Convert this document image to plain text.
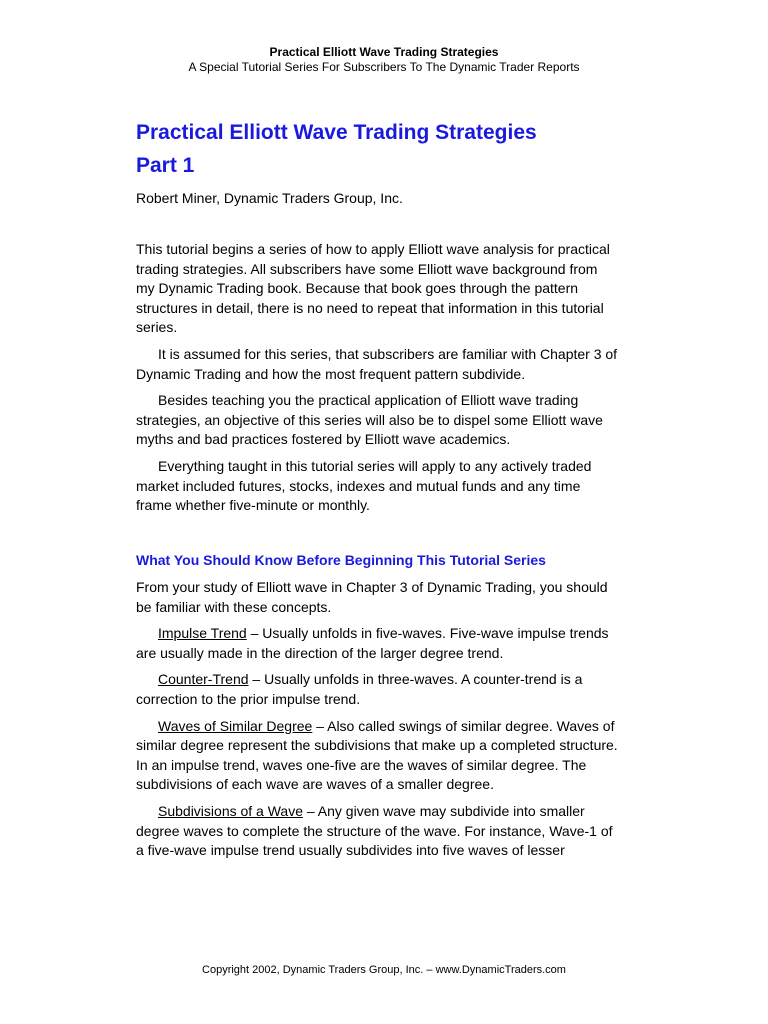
Practical Elliott Wave Trading Strategies
A Special Tutorial Series For Subscribers To The Dynamic Trader Reports
Practical Elliott Wave Trading Strategies
Part 1

Robert Miner, Dynamic Traders Group, Inc.

This tutorial begins a series of how to apply Elliott wave analysis for practical trading strategies. All subscribers have some Elliott wave background from my Dynamic Trading book. Because that book goes through the pattern structures in detail, there is no need to repeat that information in this tutorial series.

It is assumed for this series, that subscribers are familiar with Chapter 3 of Dynamic Trading and how the most frequent pattern subdivide.

Besides teaching you the practical application of Elliott wave trading strategies, an objective of this series will also be to dispel some Elliott wave myths and bad practices fostered by Elliott wave academics.

Everything taught in this tutorial series will apply to any actively traded market included futures, stocks, indexes and mutual funds and any time frame whether five-minute or monthly.

What You Should Know Before Beginning This Tutorial Series

From your study of Elliott wave in Chapter 3 of Dynamic Trading, you should be familiar with these concepts.

Impulse Trend – Usually unfolds in five-waves. Five-wave impulse trends are usually made in the direction of the larger degree trend.

Counter-Trend – Usually unfolds in three-waves. A counter-trend is a correction to the prior impulse trend.

Waves of Similar Degree – Also called swings of similar degree. Waves of similar degree represent the subdivisions that make up a completed structure. In an impulse trend, waves one-five are the waves of similar degree. The subdivisions of each wave are waves of a smaller degree.

Subdivisions of a Wave – Any given wave may subdivide into smaller degree waves to complete the structure of the wave. For instance, Wave-1 of a five-wave impulse trend usually subdivides into five waves of lesser

Copyright 2002, Dynamic Traders Group, Inc. – www.DynamicTraders.com
